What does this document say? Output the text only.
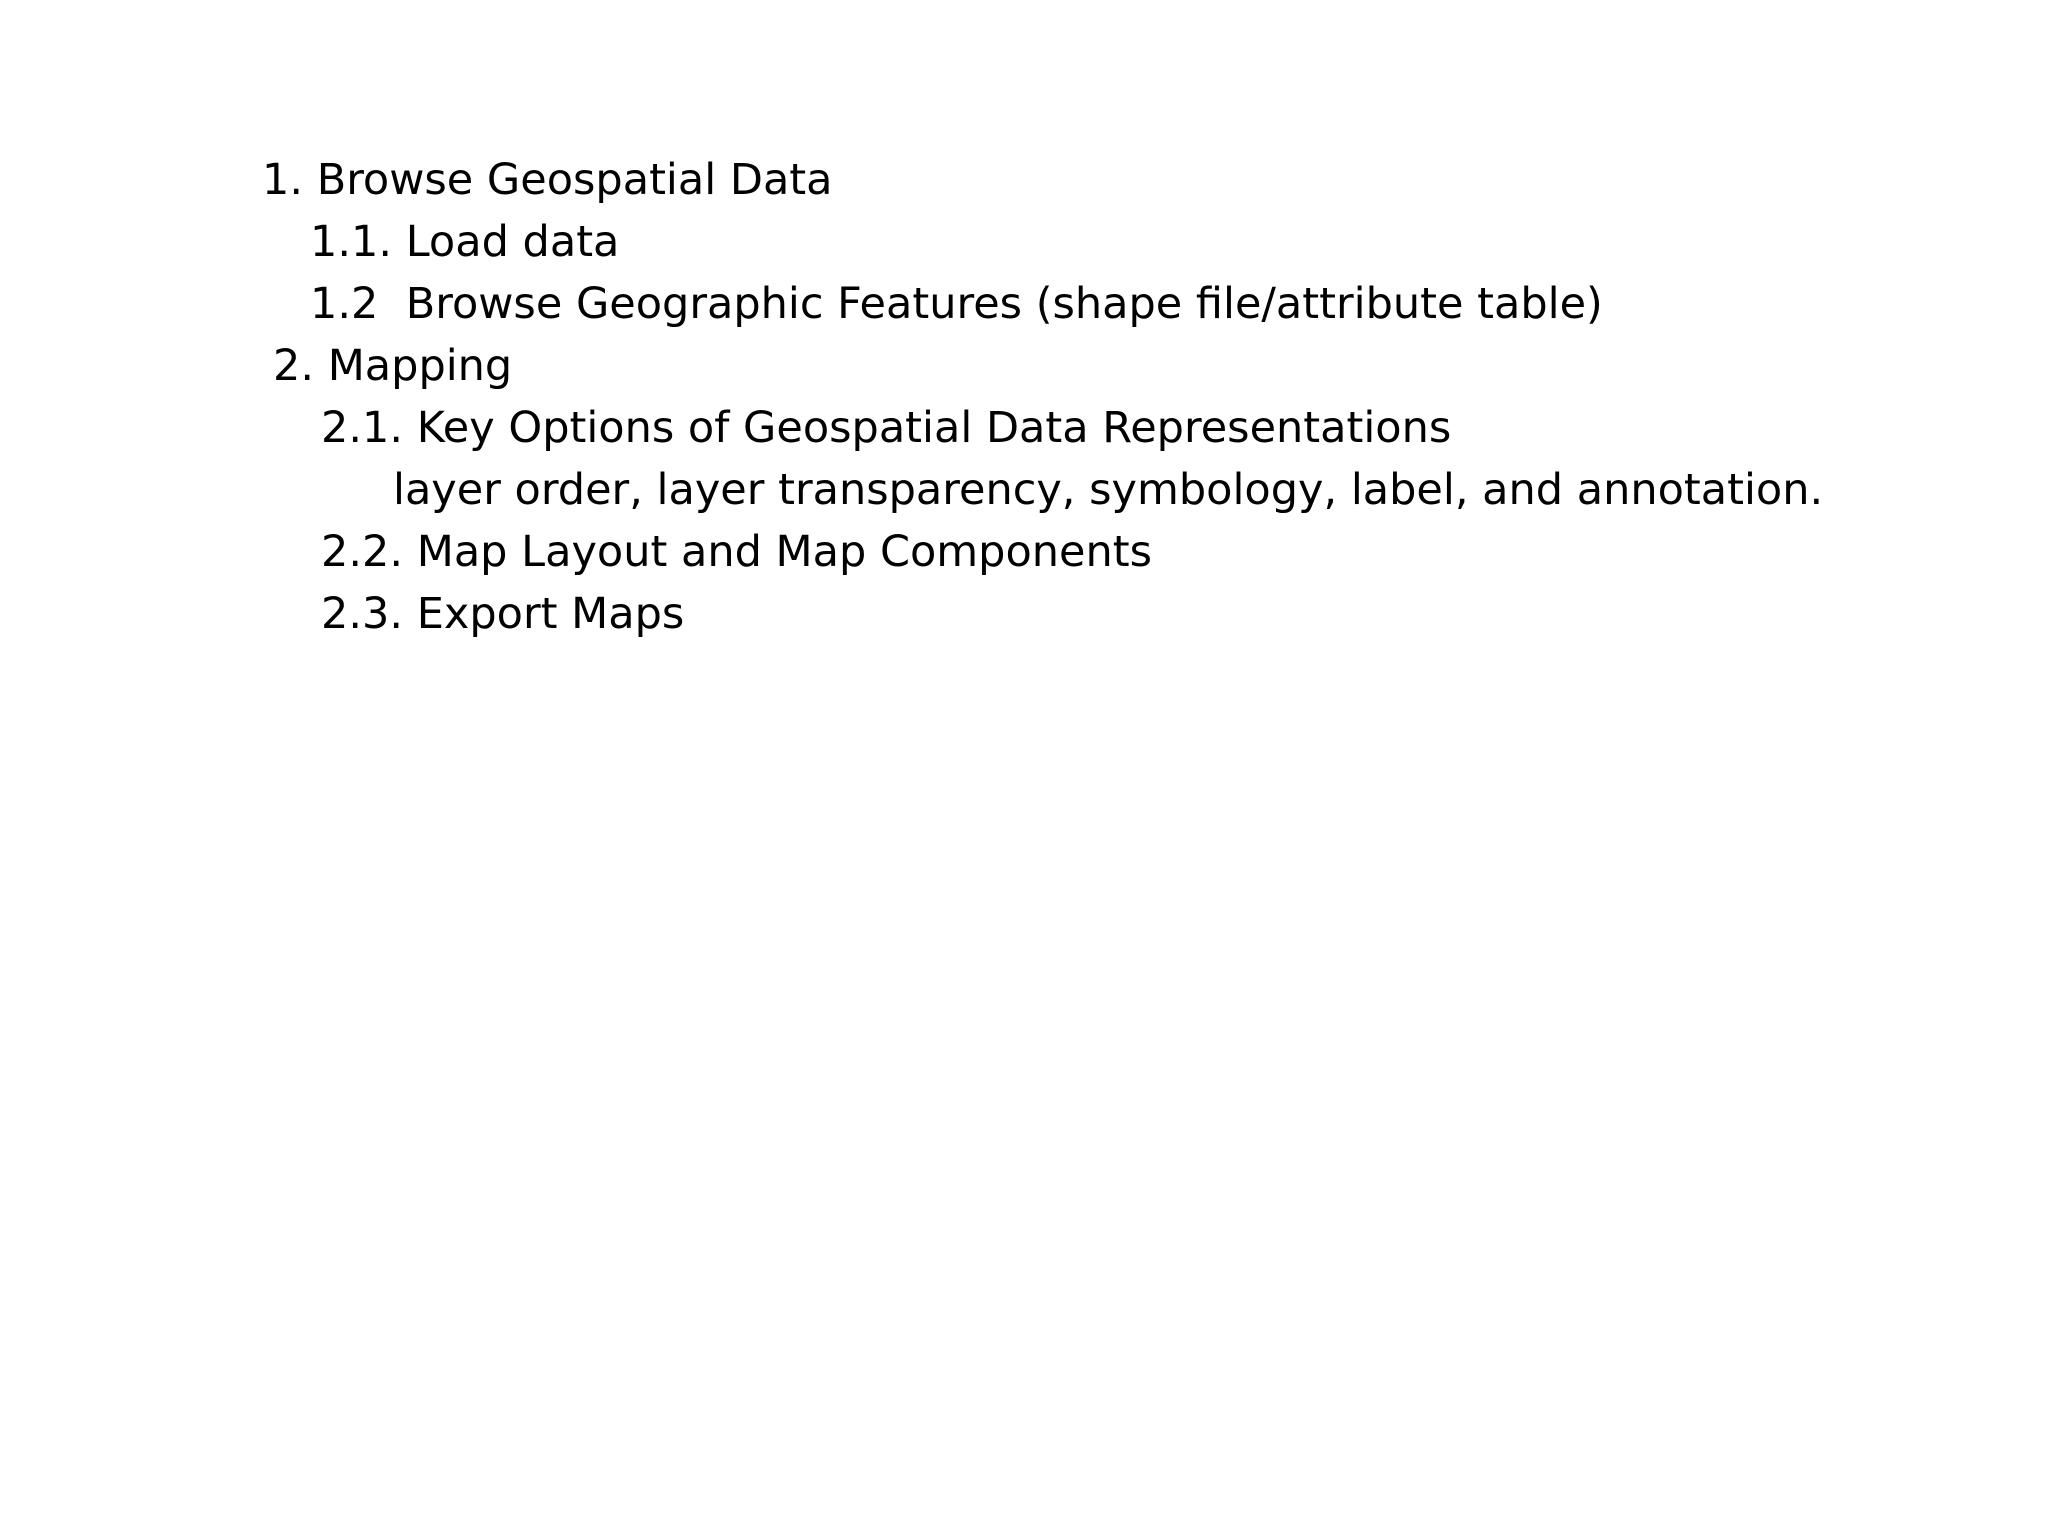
1. Browse Geospatial Data

1.1. Load data

1.2  Browse Geographic Features (shape file/attribute table)

2. Mapping

2.1. Key Options of Geospatial Data Representations

layer order, layer transparency, symbology, label, and annotation.

2.2. Map Layout and Map Components

2.3. Export Maps
